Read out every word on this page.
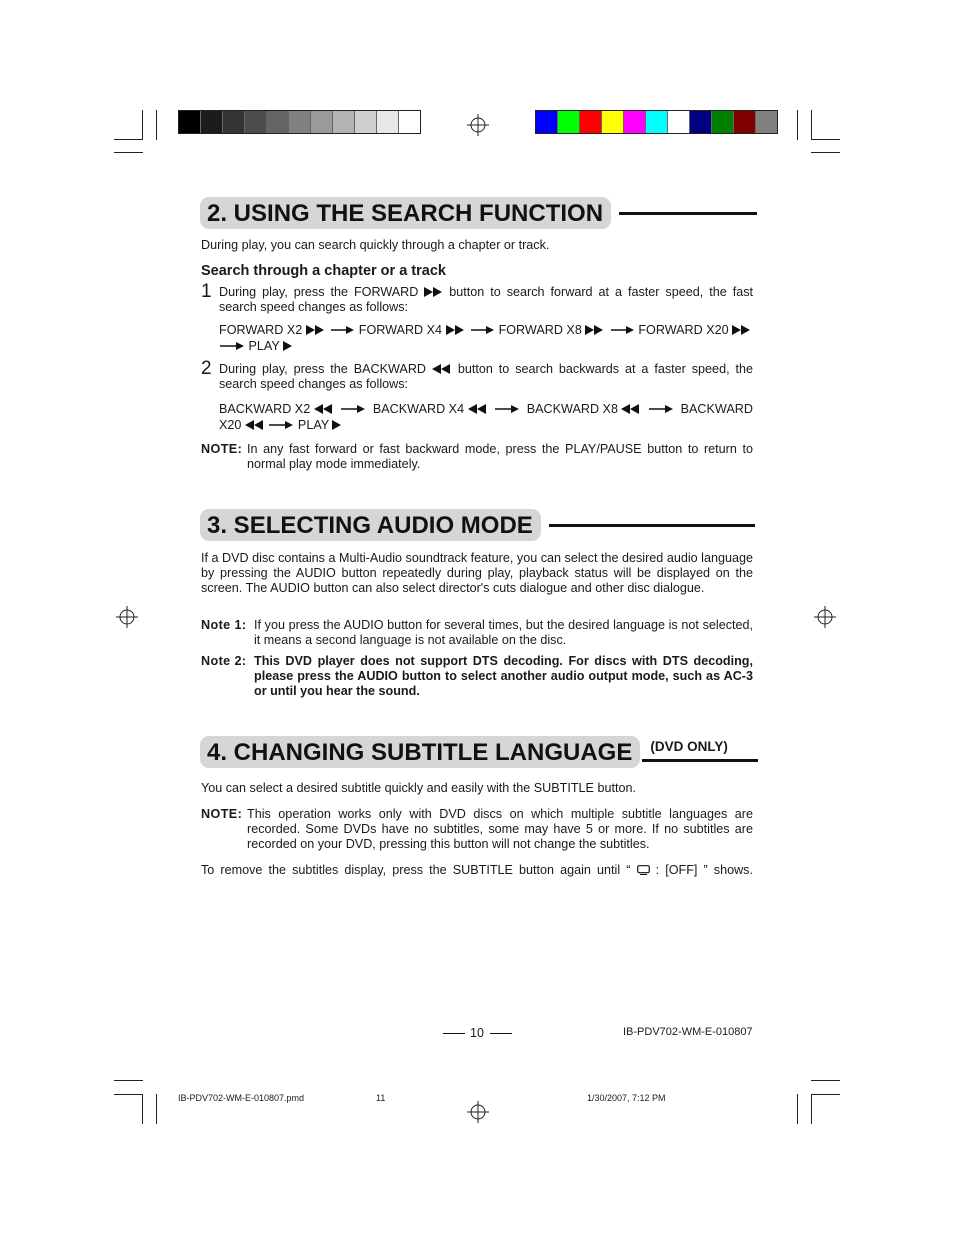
2. USING THE SEARCH FUNCTION
During play, you can search quickly through a chapter or track.
Search through a chapter or a track
1 During play, press the FORWARD  button to search forward at a faster speed, the fast search speed changes as follows:
FORWARD X2	FORWARD X4	FORWARD X8	FORWARD X20
PLAY
2 During play, press the BACKWARD  button to search backwards at a faster speed, the search speed changes as follows:
BACKWARD X2	BACKWARD X4	BACKWARD X8	BACKWARD
X20	PLAY
NOTE: In any fast forward or fast backward mode, press the PLAY/PAUSE button to return to normal play mode immediately.
3. SELECTING AUDIO MODE
If a DVD disc contains a Multi-Audio soundtrack feature, you can select the desired audio language by pressing the AUDIO button repeatedly during play, playback status will be displayed on the screen. The AUDIO button can also select director's cuts dialogue and other disc dialogue.
Note 1: If you press the AUDIO button for several times, but the desired language is not selected, it means a second language is not available on the disc.
Note 2: This DVD player does not support DTS decoding. For discs with DTS decoding, please press the AUDIO button to select another audio output mode, such as AC-3 or until you hear the sound.
4. CHANGING SUBTITLE LANGUAGE	(DVD ONLY)
You can select a desired subtitle quickly and easily with the SUBTITLE button.
NOTE: This operation works only with DVD discs on which multiple subtitle languages are recorded. Some DVDs have no subtitles, some may have 5 or more. If no subtitles are recorded on your DVD, pressing this button will not change the subtitles.
To remove the subtitles display, press the SUBTITLE button again until “  : [OFF] ” shows.
10	IB-PDV702-WM-E-010807
IB-PDV702-WM-E-010807.pmd	11	1/30/2007, 7:12 PM
